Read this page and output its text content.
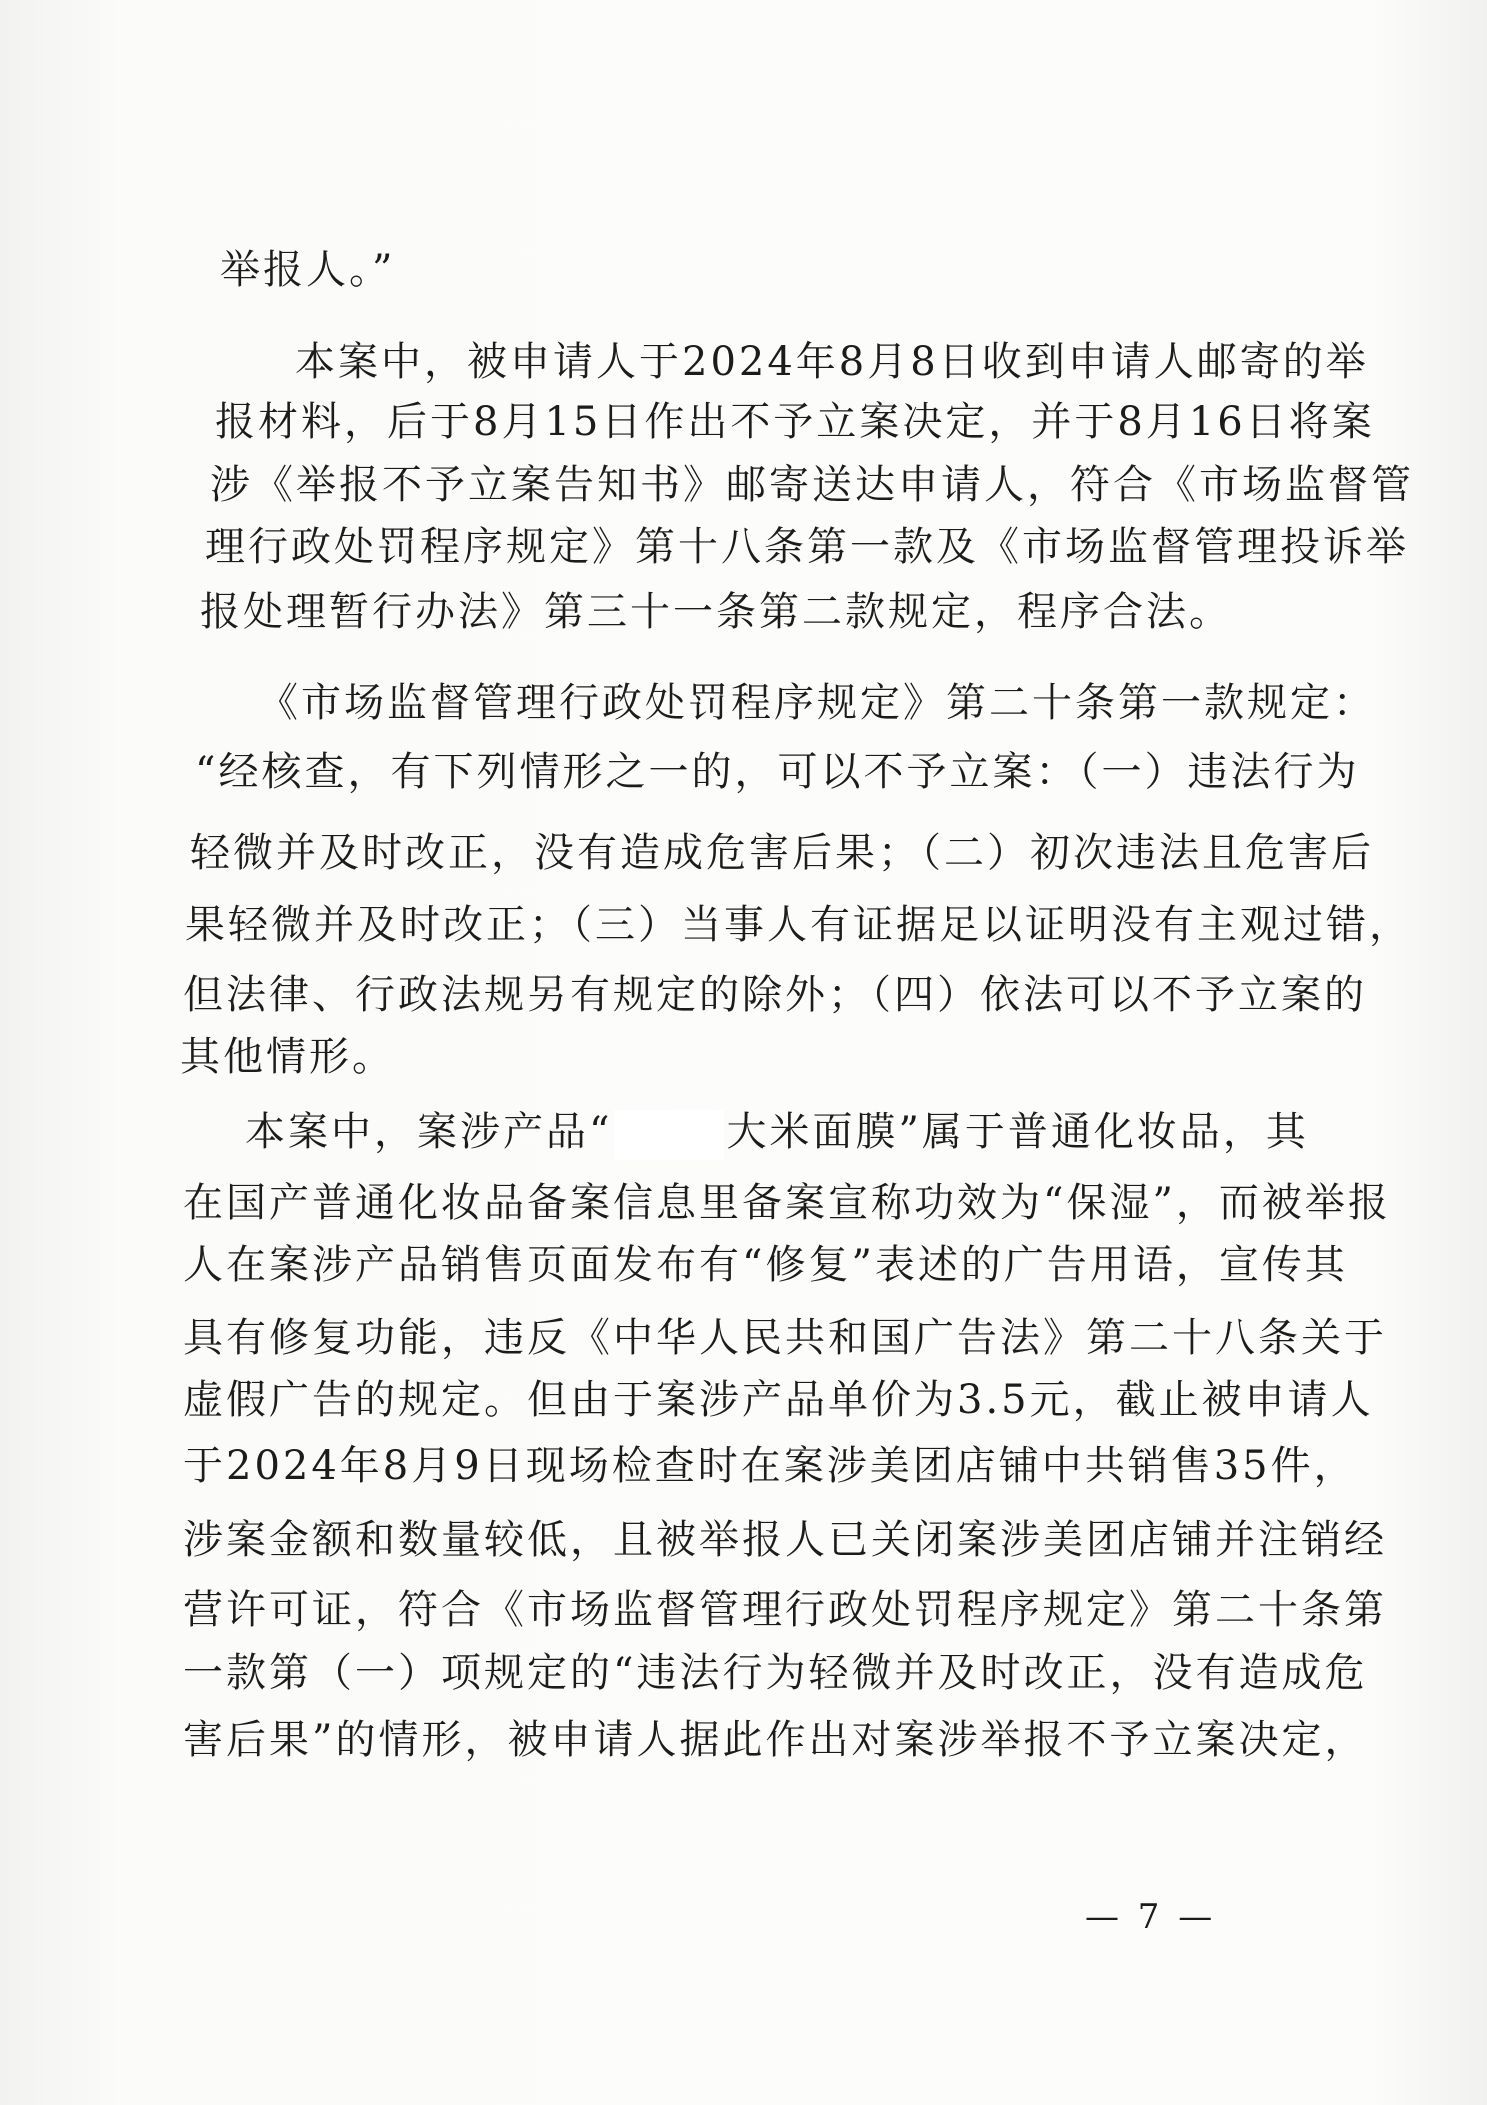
举报人。”
本案中，被申请人于2024年8月8日收到申请人邮寄的举
报材料，后于8月15日作出不予立案决定，并于8月16日将案
涉《举报不予立案告知书》邮寄送达申请人，符合《市场监督管
理行政处罚程序规定》第十八条第一款及《市场监督管理投诉举
报处理暂行办法》第三十一条第二款规定，程序合法。
《市场监督管理行政处罚程序规定》第二十条第一款规定：
“经核查，有下列情形之一的，可以不予立案：（一）违法行为
轻微并及时改正，没有造成危害后果；（二）初次违法且危害后
果轻微并及时改正；（三）当事人有证据足以证明没有主观过错，
但法律、行政法规另有规定的除外；（四）依法可以不予立案的
其他情形。
本案中，案涉产品“	大米面膜”属于普通化妆品，其
在国产普通化妆品备案信息里备案宣称功效为“保湿”，而被举报
人在案涉产品销售页面发布有“修复”表述的广告用语，宣传其
具有修复功能，违反《中华人民共和国广告法》第二十八条关于
虚假广告的规定。但由于案涉产品单价为3.5元，截止被申请人
于2024年8月9日现场检查时在案涉美团店铺中共销售35件，
涉案金额和数量较低，且被举报人已关闭案涉美团店铺并注销经
营许可证，符合《市场监督管理行政处罚程序规定》第二十条第
一款第（一）项规定的“违法行为轻微并及时改正，没有造成危
害后果”的情形，被申请人据此作出对案涉举报不予立案决定，
— 7 —
